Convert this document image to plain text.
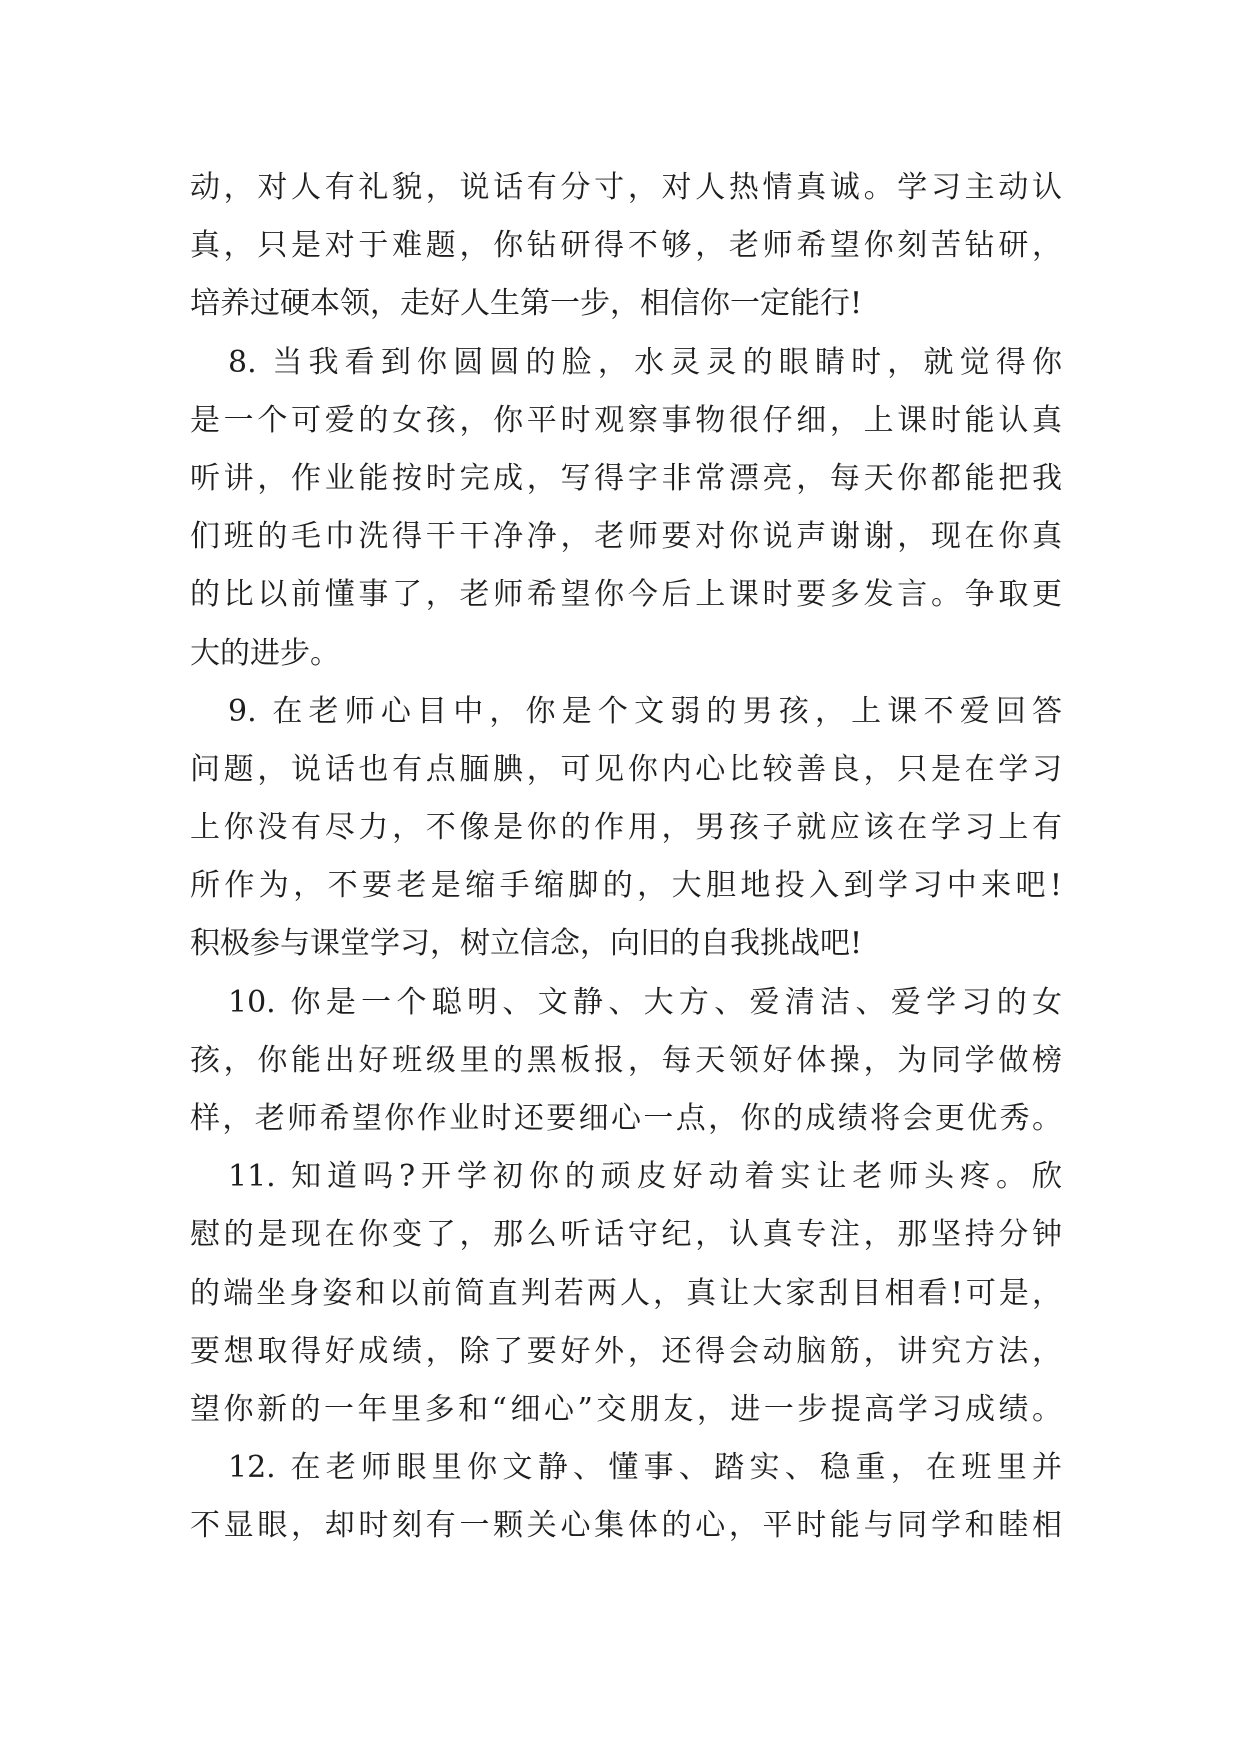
动，对人有礼貌，说话有分寸，对人热情真诚。学习主动认
真，只是对于难题，你钻研得不够，老师希望你刻苦钻研，
培养过硬本领，走好人生第一步，相信你一定能行!
8. 当我看到你圆圆的脸，水灵灵的眼睛时，就觉得你
是一个可爱的女孩，你平时观察事物很仔细，上课时能认真
听讲，作业能按时完成，写得字非常漂亮，每天你都能把我
们班的毛巾洗得干干净净，老师要对你说声谢谢，现在你真
的比以前懂事了，老师希望你今后上课时要多发言。争取更
大的进步。
9. 在老师心目中，你是个文弱的男孩，上课不爱回答
问题，说话也有点腼腆，可见你内心比较善良，只是在学习
上你没有尽力，不像是你的作用，男孩子就应该在学习上有
所作为，不要老是缩手缩脚的，大胆地投入到学习中来吧!
积极参与课堂学习，树立信念，向旧的自我挑战吧!
10. 你是一个聪明、文静、大方、爱清洁、爱学习的女
孩，你能出好班级里的黑板报，每天领好体操，为同学做榜
样，老师希望你作业时还要细心一点，你的成绩将会更优秀。
11. 知道吗?开学初你的顽皮好动着实让老师头疼。欣
慰的是现在你变了，那么听话守纪，认真专注，那坚持分钟
的端坐身姿和以前简直判若两人，真让大家刮目相看!可是，
要想取得好成绩，除了要好外，还得会动脑筋，讲究方法，
望你新的一年里多和“细心”交朋友，进一步提高学习成绩。
12. 在老师眼里你文静、懂事、踏实、稳重，在班里并
不显眼，却时刻有一颗关心集体的心，平时能与同学和睦相
